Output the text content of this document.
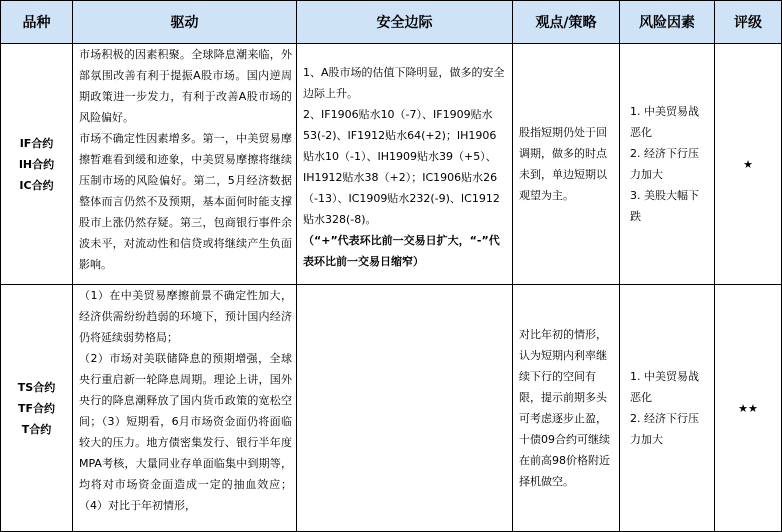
品种	驱动	安全边际	观点/策略	风险因素	评级

IF合约
IH合约
IC合约	市场积极的因素积聚。全球降息潮来临，外部氛围改善有利于提振A股市场。国内逆周期政策进一步发力，有利于改善A股市场的风险偏好。
市场不确定性因素增多。第一，中美贸易摩擦暂难看到缓和迹象，中美贸易摩擦将继续压制市场的风险偏好。第二，5月经济数据整体而言仍然不及预期，基本面何时能支撑股市上涨仍然存疑。第三，包商银行事件余波未平，对流动性和信贷或将继续产生负面影响。	1、A股市场的估值下降明显，做多的安全边际上升。
2、IF1906贴水10（-7）、IF1909贴水53(-2)、IF1912贴水64(+2)；IH1906贴水10（-1）、IH1909贴水39（+5）、IH1912贴水38（+2）；IC1906贴水26（-13）、IC1909贴水232(-9)、IC1912贴水328(-8)。
（“+”代表环比前一交易日扩大，“-”代表环比前一交易日缩窄）	股指短期仍处于回调期，做多的时点未到，单边短期以观望为主。	1. 中美贸易战恶化
2. 经济下行压力加大
3. 美股大幅下跌	★

TS合约
TF合约
T合约	（1）在中美贸易摩擦前景不确定性加大，经济供需纷纷趋弱的环境下，预计国内经济仍将延续弱势格局；
（2）市场对美联储降息的预期增强，全球央行重启新一轮降息周期。理论上讲，国外央行的降息潮释放了国内货币政策的宽松空间；（3）短期看，6月市场资金面仍将面临较大的压力。地方债密集发行、银行半年度MPA考核，大量同业存单面临集中到期等，均将对市场资金面造成一定的抽血效应；（4）对比于年初情形，		对比年初的情形，认为短期内利率继续下行的空间有限，提示前期多头可考虑逐步止盈，十债09合约可继续在前高98价格附近择机做空。	1. 中美贸易战恶化
2. 经济下行压力加大	★★
